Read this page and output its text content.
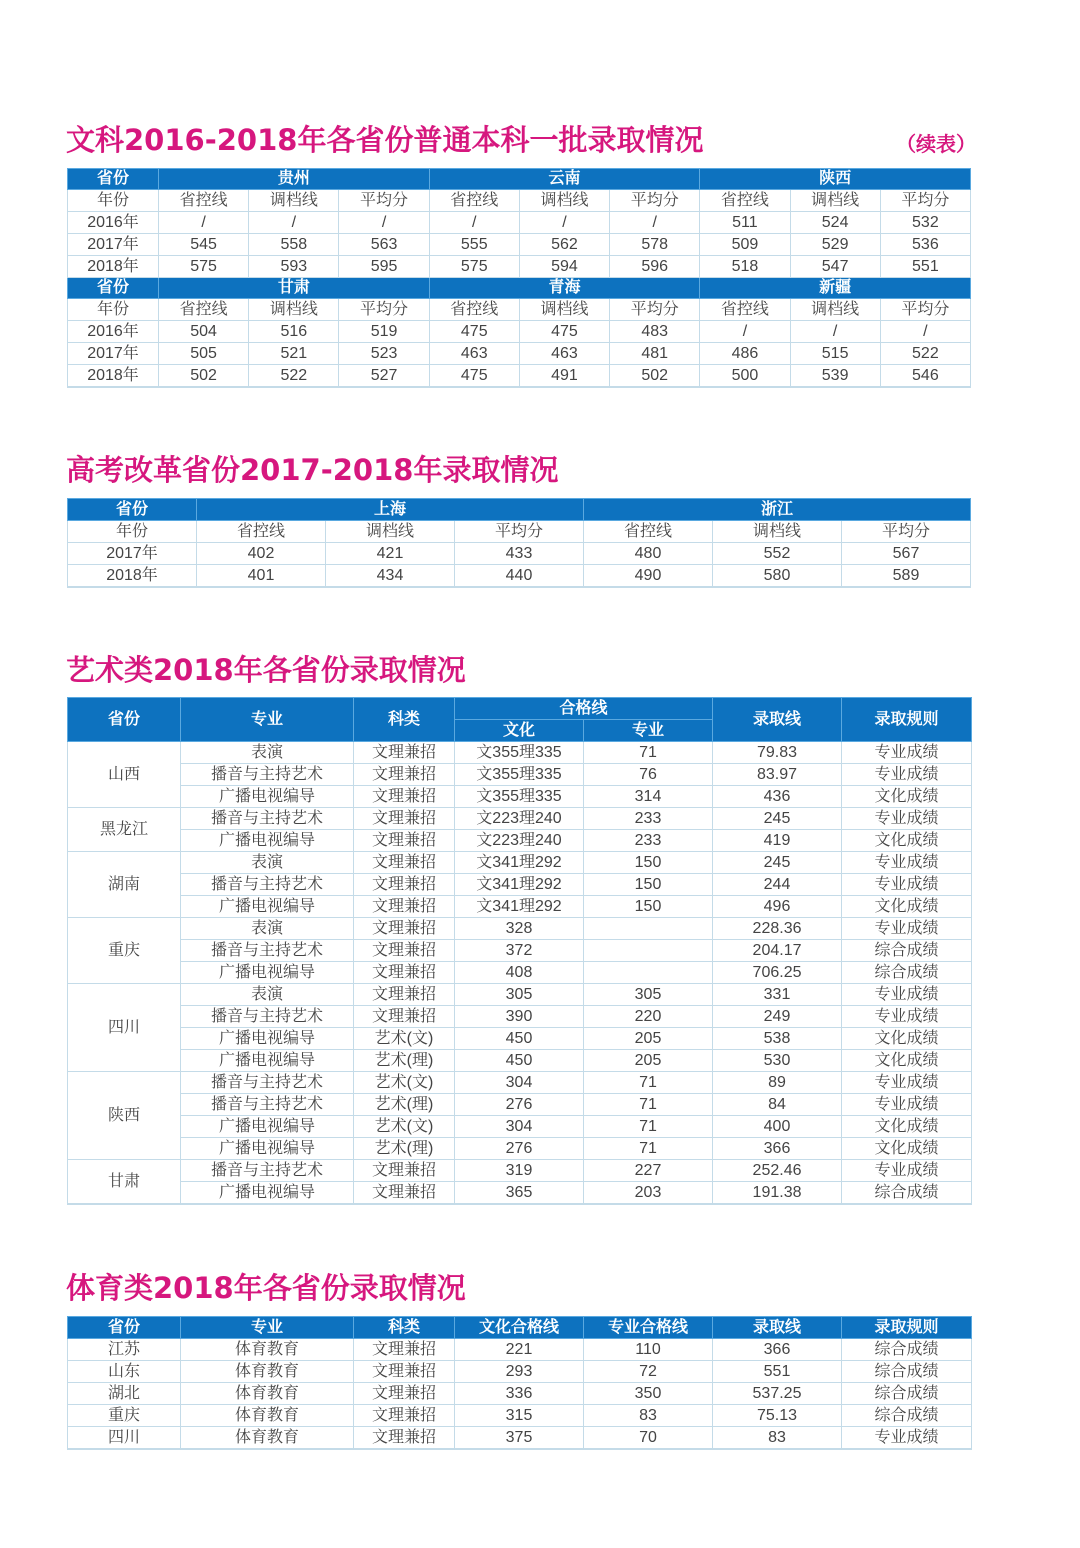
文科2016-2018年各省份普通本科一批录取情况	（续表）
省份	贵州			云南			陕西		
年份	省控线	调档线	平均分	省控线	调档线	平均分	省控线	调档线	平均分
2016年	/	/	/	/	/	/	511	524	532
2017年	545	558	563	555	562	578	509	529	536
2018年	575	593	595	575	594	596	518	547	551
省份	甘肃			青海			新疆		
年份	省控线	调档线	平均分	省控线	调档线	平均分	省控线	调档线	平均分
2016年	504	516	519	475	475	483	/	/	/
2017年	505	521	523	463	463	481	486	515	522
2018年	502	522	527	475	491	502	500	539	546
高考改革省份2017-2018年录取情况
省份	上海			浙江		
年份	省控线	调档线	平均分	省控线	调档线	平均分
2017年	402	421	433	480	552	567
2018年	401	434	440	490	580	589
艺术类2018年各省份录取情况
省份	专业	科类	合格线		录取线	录取规则
			文化	专业		
山西	表演	文理兼招	文355理335	71	79.83	专业成绩
	播音与主持艺术	文理兼招	文355理335	76	83.97	专业成绩
	广播电视编导	文理兼招	文355理335	314	436	文化成绩
黑龙江	播音与主持艺术	文理兼招	文223理240	233	245	专业成绩
	广播电视编导	文理兼招	文223理240	233	419	文化成绩
湖南	表演	文理兼招	文341理292	150	245	专业成绩
	播音与主持艺术	文理兼招	文341理292	150	244	专业成绩
	广播电视编导	文理兼招	文341理292	150	496	文化成绩
重庆	表演	文理兼招	328		228.36	专业成绩
	播音与主持艺术	文理兼招	372		204.17	综合成绩
	广播电视编导	文理兼招	408		706.25	综合成绩
四川	表演	文理兼招	305	305	331	专业成绩
	播音与主持艺术	文理兼招	390	220	249	专业成绩
	广播电视编导	艺术(文)	450	205	538	文化成绩
	广播电视编导	艺术(理)	450	205	530	文化成绩
陕西	播音与主持艺术	艺术(文)	304	71	89	专业成绩
	播音与主持艺术	艺术(理)	276	71	84	专业成绩
	广播电视编导	艺术(文)	304	71	400	文化成绩
	广播电视编导	艺术(理)	276	71	366	文化成绩
甘肃	播音与主持艺术	文理兼招	319	227	252.46	专业成绩
	广播电视编导	文理兼招	365	203	191.38	综合成绩
体育类2018年各省份录取情况
省份	专业	科类	文化合格线	专业合格线	录取线	录取规则
江苏	体育教育	文理兼招	221	110	366	综合成绩
山东	体育教育	文理兼招	293	72	551	综合成绩
湖北	体育教育	文理兼招	336	350	537.25	综合成绩
重庆	体育教育	文理兼招	315	83	75.13	综合成绩
四川	体育教育	文理兼招	375	70	83	专业成绩
